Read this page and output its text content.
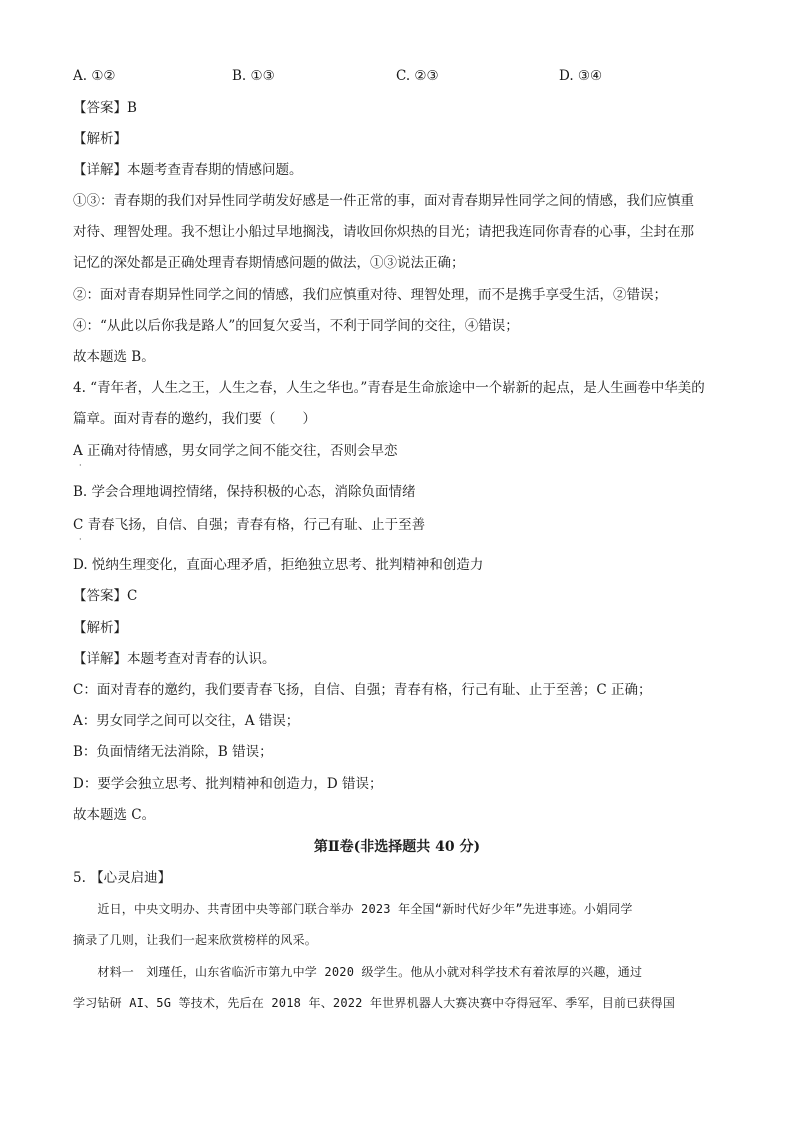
A. ①②	B. ①③	C. ②③	D. ③④
【答案】B
【解析】
【详解】本题考查青春期的情感问题。
①③：青春期的我们对异性同学萌发好感是一件正常的事，面对青春期异性同学之间的情感，我们应慎重
对待、理智处理。我不想让小船过早地搁浅，请收回你炽热的目光；请把我连同你青春的心事，尘封在那
记忆的深处都是正确处理青春期情感问题的做法，①③说法正确；
②：面对青春期异性同学之间的情感，我们应慎重对待、理智处理，而不是携手享受生活，②错误；
④：“从此以后你我是路人”的回复欠妥当，不利于同学间的交往，④错误；
故本题选 B。
4. “青年者，人生之王，人生之春，人生之华也。”青春是生命旅途中一个崭新的起点，是人生画卷中华美的
篇章。面对青春的邀约，我们要（　　）
A 正确对待情感，男女同学之间不能交往，否则会早恋
·
B. 学会合理地调控情绪，保持积极的心态，消除负面情绪
C 青春飞扬，自信、自强；青春有格，行己有耻、止于至善
·
D. 悦纳生理变化，直面心理矛盾，拒绝独立思考、批判精神和创造力
【答案】C
【解析】
【详解】本题考查对青春的认识。
C：面对青春的邀约，我们要青春飞扬，自信、自强；青春有格，行己有耻、止于至善；C 正确；
A：男女同学之间可以交往，A 错误；
B：负面情绪无法消除，B 错误；
D：要学会独立思考、批判精神和创造力，D 错误；
故本题选 C。
第Ⅱ卷(非选择题共 40 分)
5. 【心灵启迪】
　　近日，中央文明办、共青团中央等部门联合举办 2023 年全国“新时代好少年”先进事迹。小娟同学
摘录了几则，让我们一起来欣赏榜样的风采。
　　材料一　刘瑾任，山东省临沂市第九中学 2020 级学生。他从小就对科学技术有着浓厚的兴趣，通过
学习钻研 AI、5G 等技术，先后在 2018 年、2022 年世界机器人大赛决赛中夺得冠军、季军，目前已获得国
